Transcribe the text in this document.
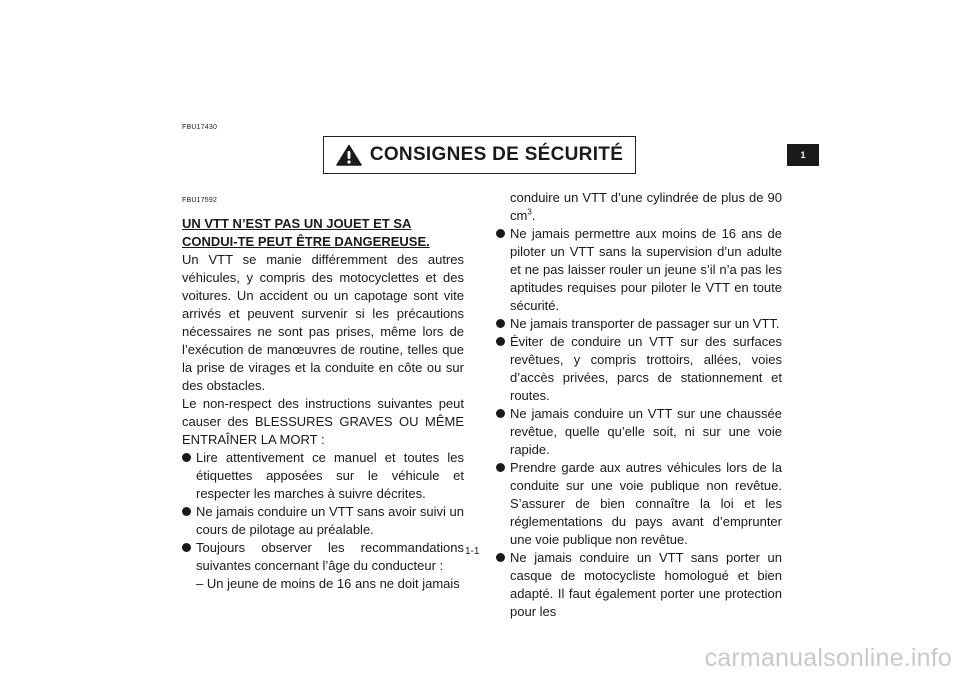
FBU17430
CONSIGNES DE SÉCURITÉ	1
FBU17592

UN VTT N’EST PAS UN JOUET ET SA CONDUI-TE PEUT ÊTRE DANGEREUSE.

Un VTT se manie différemment des autres véhicules, y compris des motocyclettes et des voitures. Un accident ou un capotage sont vite arrivés et peuvent survenir si les précautions nécessaires ne sont pas prises, même lors de l’exécution de manœuvres de routine, telles que la prise de virages et la conduite en côte ou sur des obstacles.

Le non-respect des instructions suivantes peut causer des BLESSURES GRAVES OU MÊME ENTRAÎNER LA MORT :

Lire attentivement ce manuel et toutes les étiquettes apposées sur le véhicule et respecter les marches à suivre décrites.

Ne jamais conduire un VTT sans avoir suivi un cours de pilotage au préalable.

Toujours observer les recommandations suivantes concernant l’âge du conducteur :

– Un jeune de moins de 16 ans ne doit jamais

conduire un VTT d’une cylindrée de plus de 90 $cm^3$.

Ne jamais permettre aux moins de 16 ans de piloter un VTT sans la supervision d’un adulte et ne pas laisser rouler un jeune s’il n’a pas les aptitudes requises pour piloter le VTT en toute sécurité.

Ne jamais transporter de passager sur un VTT.

Éviter de conduire un VTT sur des surfaces revêtues, y compris trottoirs, allées, voies d’accès privées, parcs de stationnement et routes.

Ne jamais conduire un VTT sur une chaussée revêtue, quelle qu’elle soit, ni sur une voie rapide.

Prendre garde aux autres véhicules lors de la conduite sur une voie publique non revêtue. S’assurer de bien connaître la loi et les réglementations du pays avant d’emprunter une voie publique non revêtue.

Ne jamais conduire un VTT sans porter un casque de motocycliste homologué et bien adapté. Il faut également porter une protection pour les

1-1
carmanualsonline.info
